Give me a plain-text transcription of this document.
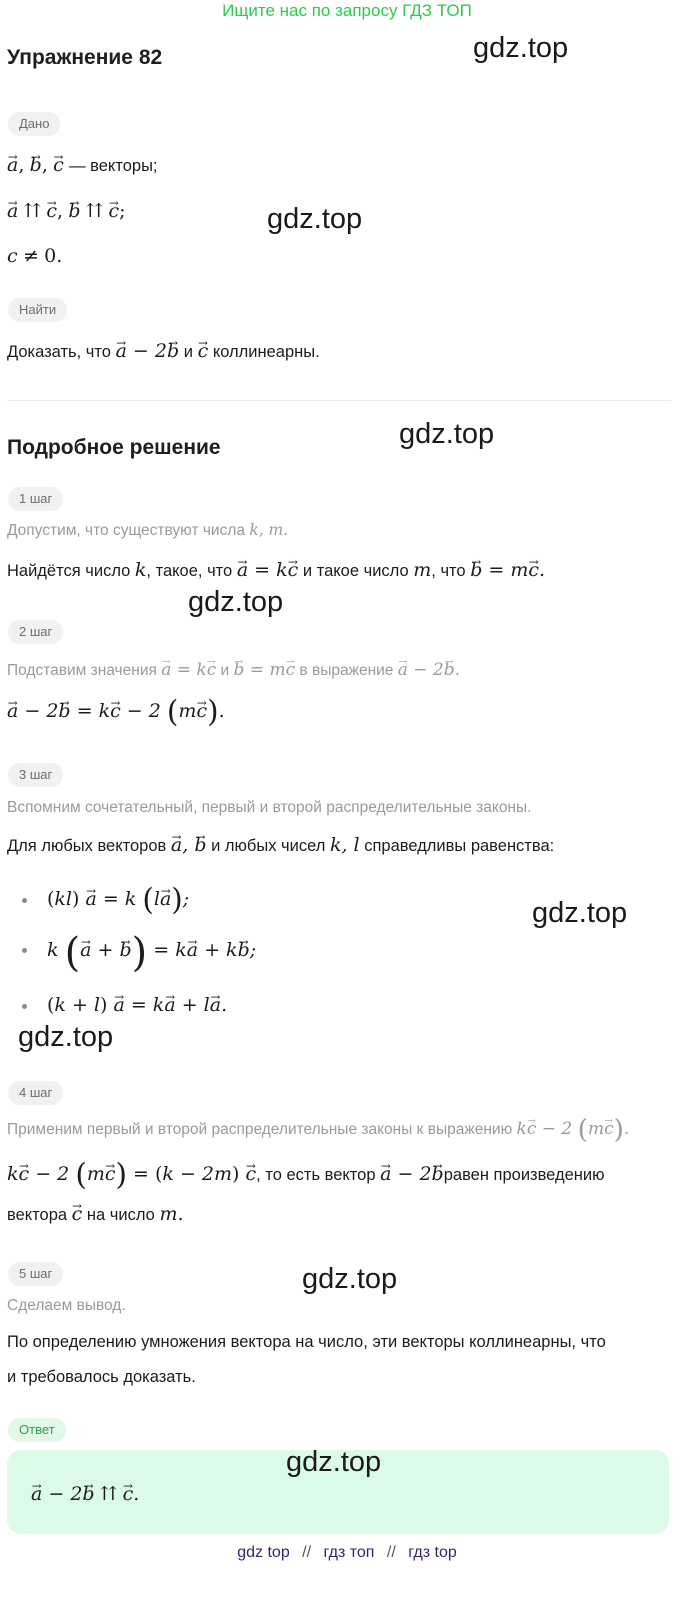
Ищите нас по запросу ГДЗ ТОП
Упражнение 82	gdz.top
Дано
→ a, → b, → c — векторы;
→ a ⇈ → c, → b ⇈ → c;	gdz.top
c ≠ 0.
Найти
Доказать, что → a − 2→ b и → c коллинеарны.
Подробное решение	gdz.top
1 шаг
Допустим, что существуют числа k, m.
Найдётся число k, такое, что → a = k→ c и такое число m, что → b = m→ c.
gdz.top
2 шаг
Подставим значения → a = k→ c и → b = m→ c в выражение → a − 2→ b.
→ a − 2→ b = k→ c − 2 (m→ c).
3 шаг
Вспомним сочетательный, первый и второй распределительные законы.
Для любых векторов → a, → b и любых чисел k, l справедливы равенства:
(kl) → a = k (l→ a);
k (→ a + → b) = k→ a + k→ b;
(k + l) → a = k→ a + l→ a.
gdz.top
gdz.top
4 шаг
Применим первый и второй распределительные законы к выражению k→ c − 2 (m→ c).
k→ c − 2 (m→ c) = (k − 2m) → c, то есть вектор → a − 2→ bравен произведению
вектора → c на число m.
5 шаг	gdz.top
Сделаем вывод.
По определению умножения вектора на число, эти векторы коллинеарны, что
и требовалось доказать.
Ответ
→ a − 2→ b ⇈ → c.
gdz.top
gdz top // гдз топ // гдз top
